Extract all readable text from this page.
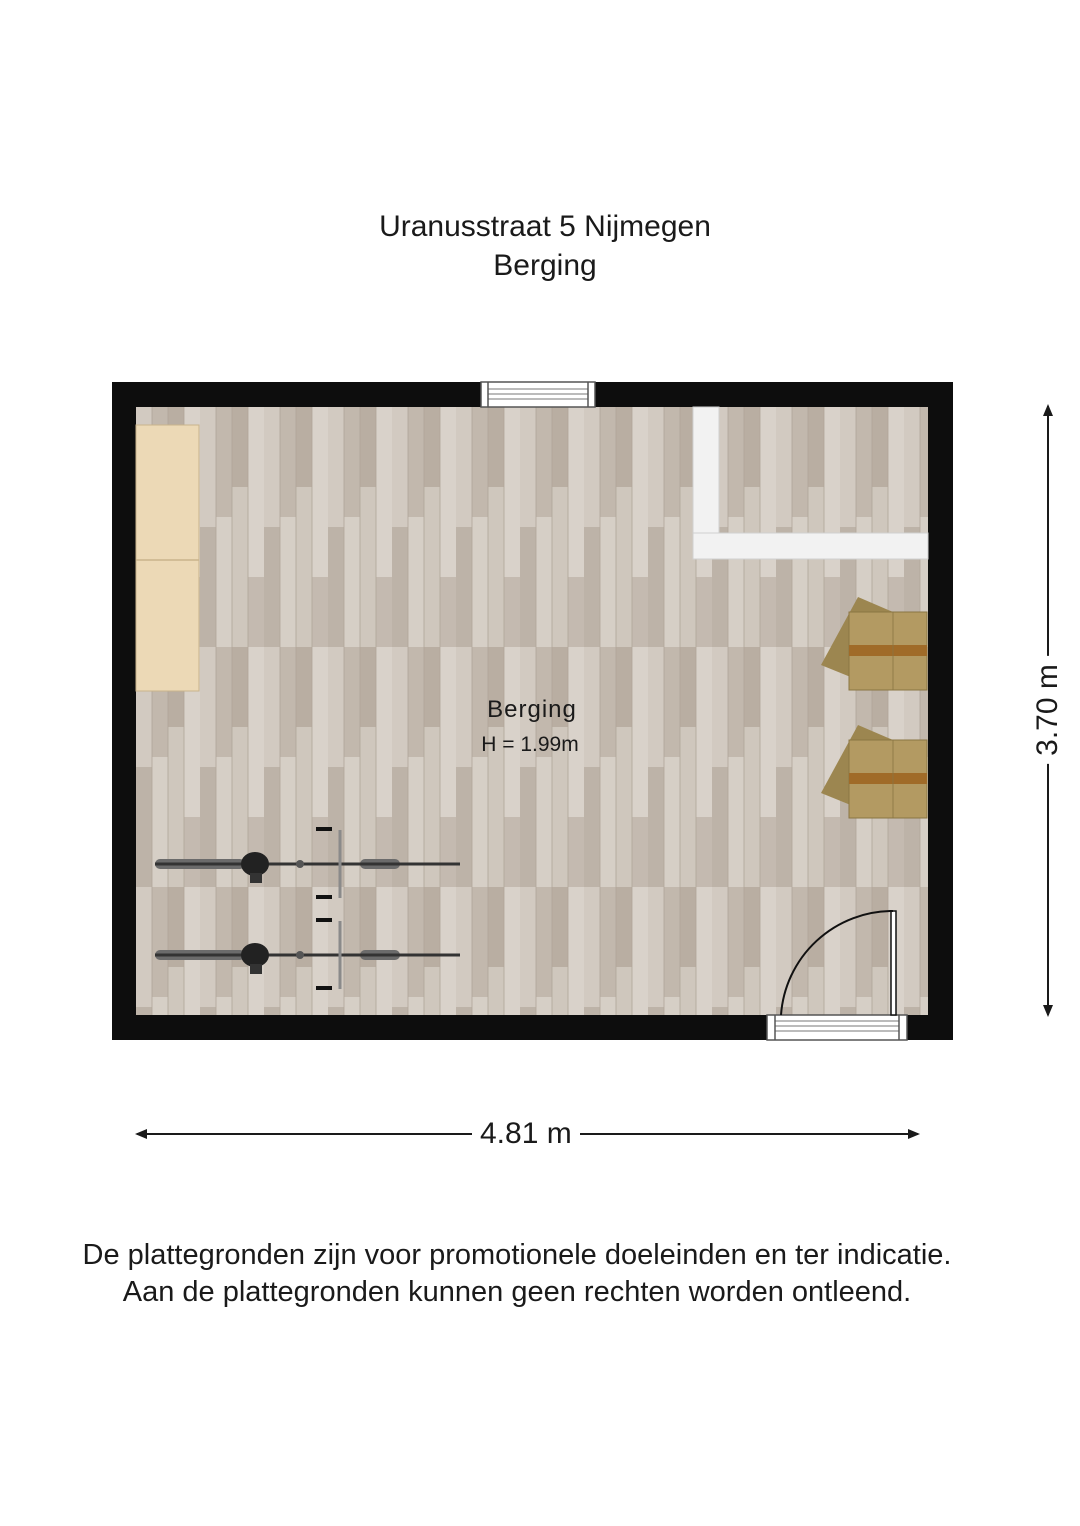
Uranusstraat 5 Nijmegen
Berging
Berging
H = 1.99m
4.81 m
3.70 m
De plattegronden zijn voor promotionele doeleinden en ter indicatie.
Aan de plattegronden kunnen geen rechten worden ontleend.
